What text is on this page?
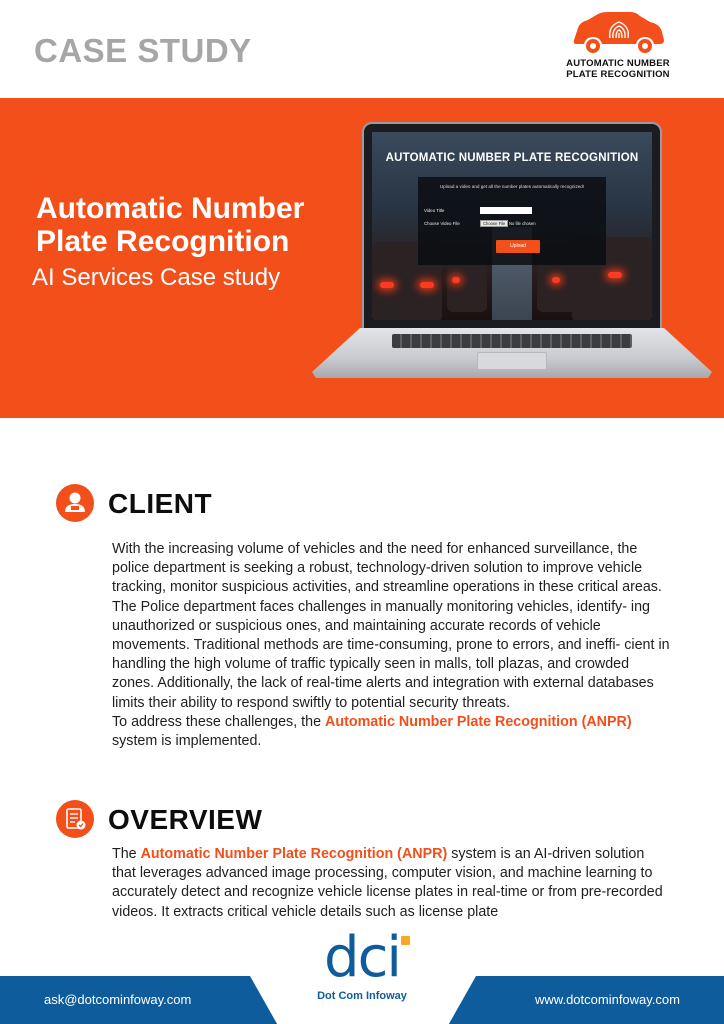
CASE STUDY	AUTOMATIC NUMBER
PLATE RECOGNITION
Automatic Number Plate Recognition
AI Services Case study
AUTOMATIC NUMBER PLATE RECOGNITION
Upload a video and get all the number plates automatically recognized!
Video Title
Choose Video File	Choose File No file chosen
Upload
CLIENT

With the increasing volume of vehicles and the need for enhanced surveillance, the police department is seeking a robust, technology-driven solution to improve vehicle tracking, monitor suspicious activities, and streamline operations in these critical areas.

The Police department faces challenges in manually monitoring vehicles, identify- ing unauthorized or suspicious ones, and maintaining accurate records of vehicle movements. Traditional methods are time-consuming, prone to errors, and ineffi- cient in handling the high volume of traffic typically seen in malls, toll plazas, and crowded zones. Additionally, the lack of real-time alerts and integration with external databases limits their ability to respond swiftly to potential security threats.

To address these challenges, the Automatic Number Plate Recognition (ANPR) system is implemented.

OVERVIEW

The Automatic Number Plate Recognition (ANPR) system is an AI-driven solution that leverages advanced image processing, computer vision, and machine learning to accurately detect and recognize vehicle license plates in real-time or from pre-recorded videos. It extracts critical vehicle details such as license plate

ask@dotcominfoway.com	www.dotcominfoway.com
dci
Dot Com Infoway
